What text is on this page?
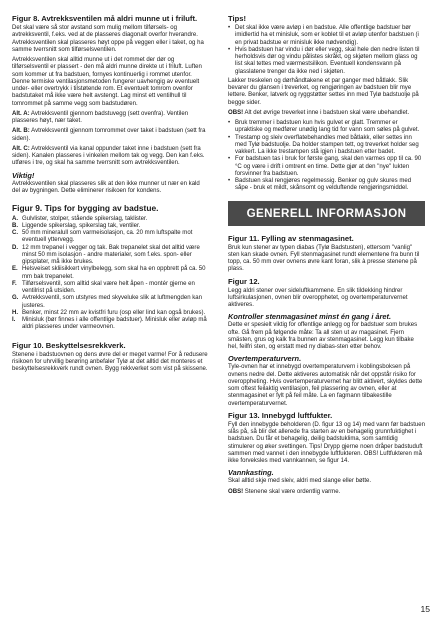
Figur 8. Avtrekksventilen må aldri munne ut i friluft.

Det skal være så stor avstand som mulig mellom tilførsels- og avtrekksventil, f.eks. ved at de plasseres diagonalt overfor hverandre. Avtrekksventilen skal plasseres høyt oppe på veggen eller i taket, og ha samme tverrsnitt som tilførselsventilen.

Avtrekksventilen skal alltid munne ut i det rommet der dør og tilførselsventil er plassert - den må aldri munne direkte ut i friluft. Luften som kommer ut fra badstuen, fornyes kontinuerlig i rommet utenfor. Denne termiske ventilasjonsmetoden fungerer uavhengig av eventuelt under- eller overtrykk i tilstøtende rom. Et eventuelt tomrom ovenfor badstutaket må ikke være helt avstengt. Lag minst ett ventilhull til tomrommet på samme vegg som badstudøren.

Alt. A: Avtrekksventil gjennom badstuvegg (sett ovenfra). Ventilen plasseres høyt, nær taket.

Alt. B: Avtrekksventil gjennom tomrommet over taket i badstuen (sett fra siden).

Alt. C: Avtrekksventil via kanal oppunder taket inne i badstuen (sett fra siden). Kanalen plasseres i vinkelen mellom tak og vegg. Den kan f.eks. utføres i tre, og skal ha samme tverrsnitt som avtrekksventilen.

Viktig!

Avtrekksventilen skal plasseres slik at den ikke munner ut nær en kald del av bygningen. Dette eliminerer risikoen for kondens.

Figur 9. Tips for bygging av badstue.
A. Gulvlister, stolper, stående spikerslag, taklister.
B. Liggende spikerslag, spikerslag tak, ventiler.
C. 50 mm mineralull som varmeisolasjon, ca. 20 mm luftspalte mot eventuell yttervegg.
D. 12 mm trepanel i vegger og tak. Bak trepanelet skal det alltid være minst 50 mm isolasjon - andre materialer, som f.eks. spon- eller gipsplater, må ikke brukes.
E. Helsveiset skliisikkert vinylbelegg, som skal ha en oppbrett på ca. 50 mm bak trepanelet.
F. Tilførselsventil, som alltid skal være helt åpen - montér gjerne en ventilrist på utsiden.
G. Avtrekksventil, som utstyres med skyveluke slik at luftmengden kan justeres.
H. Benker, minst 22 mm av kvistfri furu (osp eller lind kan også brukes).
I. Minisluk (bør finnes i alle offentlige badstuer). Minisluk eller avløp må aldri plasseres under varmeovnen.
Figur 10. Beskyttelsesrekkverk.

Stenene i badstuovnen og dens øvre del er meget varme! For å redusere risikoen for uhrvillig berøring anbefaler Tylø at det alltid det monteres et beskyttelsesrekkverk rundt ovnen. Bygg rekkverket som vist på skissene.

Tips!
• Det skal ikke være avløp i en badstue. Alle offentlige badstuer bør imidlertid ha et minisluk, som er koblet til et avløp utenfor badstuen (i en privat badstue er minisluk ikke nødvendig).
• Hvis badstuen har vindu i dør eller vegg, skal hele den nedre listen til herholdsvis dør og vindu pålistes skråkt, og skjøten mellom glass og list skal tettes med værmestsilikon. Eventuell kondensvann på glasslatene trenger da ikke ned i skjøten.

Lakker treskelen og dørhåndtakene et par ganger med båtlakk. Slik bevarer du glansen i treverket, og rengjøringen av badstuen blir mye lettere. Benker, latverk og ryggstøtter settes inn med Tylø badstuolje på begge sider.

OBS! Alt det øvrige treverket inne i badstuen skal være ubehandlet.

• Bruk tremmer i badstuen kun hvis gulvet er glatt. Tremmer er upraktiske og medfører unødig lang tid for vann som søles på gulvet.
• Trestamp og sleiv overflatebehandles med båtlakk, eller settes inn med Tylø badstuolje. Da holder stampen tett, og treverket holder seg vakkert. La ikke trestampen stå igjen i badstuen etter badet.
• For badstuen tas i bruk for første gang, skal den varmes opp til ca. 90 °C og være i drift i omtrent en time. Dette gjør at den "nye" lukten forsvinner fra badstuen.
• Badstuen skal rengjøres regelmessig. Benker og gulv skures med såpe - bruk et mildt, skånsomt og velduftende rengjøringsmiddel.
GENERELL INFORMASJON
Figur 11. Fylling av stenmagasinet.

Bruk kun stener av typen diabas (Tylø Badstusten), ettersom "vanlig" sten kan skade ovnen. Fyll stenmagasinet rundt elementene fra bunn til topp, ca. 50 mm over ovnens øvre kant foran, slik à presse stenene på plass.

Figur 12.

Legg aldri stener over sideluftkammene. En slik tildekking hindrer luftsirkulasjonen, ovnen blir overopphetet, og overtemperaturvernet aktiveres.

Kontroller stenmagasinet minst én gang i året.

Dette er spesielt viktig for offentlige anlegg og for badstuer som brukes ofte. Gå frem på følgende måte: Ta all sten ut av magasinet. Fjern smästen, grus og kalk fra bunnen av stenmagasinet. Legg kun tilbake hel, feilfri sten, og erstatt med ny diabas-sten etter behov.

Overtemperaturvern.

Tyle-ovnen har et innebygd overtemperaturvern i koblingsboksen på ovnens nedre del. Dette aktiveres automatisk når det oppstår risiko for overoppheting. Hvis overtemperaturvernet har blitt aktivert, skyldes dette som oftest feilaktig ventilasjon, feil plassering av ovnen, eller at stenmagasinet er fylt på feil måte. La en fagmann tilbakestille overtemperaturvernet.

Figur 13. Innebygd luftfukter.

Fyll den innebygde beholderen (D. figur 13 og 14) med vann før badstuen slås på, så blir det allerede fra starten av en behagelig grunnfuktighet i badstuen. Du får et behagelig, deilig badstuklima, som samtidig stimulerer og øker svettingen. Tips! Drypp gjerne noen dråper badstuduft sammen med vannet i den innebygde luftfukteren. OBS! Luftfukteren må ikke forveksles med vannkannen, se figur 14.

Vannkasting.

Skal alltid skje med sleiv, aldri med slange eller bøtte.

OBS! Stenene skal være ordentlig varme.

15
